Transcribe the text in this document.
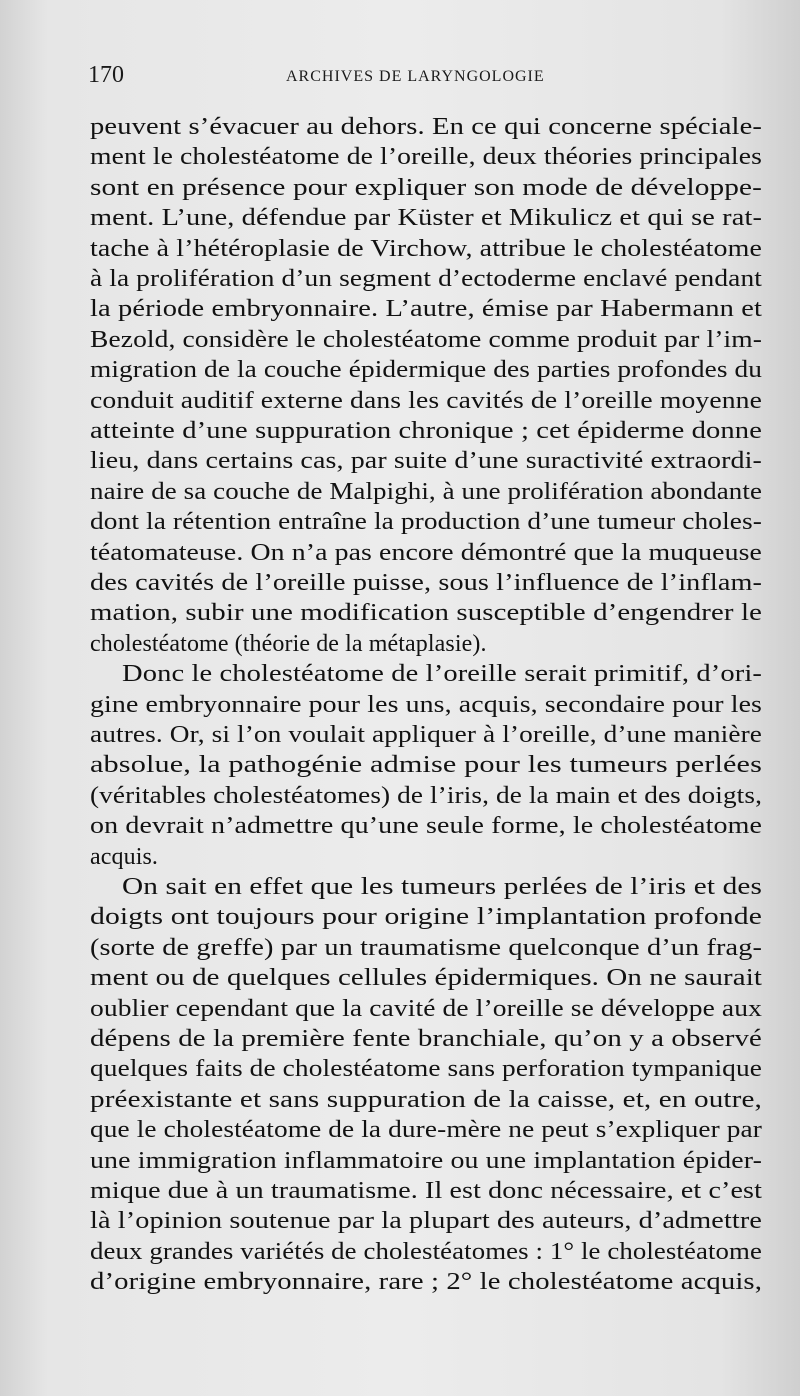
170	ARCHIVES DE LARYNGOLOGIE
peuvent s’évacuer au dehors. En ce qui concerne spéciale-
ment le cholestéatome de l’oreille, deux théories principales
sont en présence pour expliquer son mode de développe-
ment. L’une, défendue par Küster et Mikulicz et qui se rat-
tache à l’hétéroplasie de Virchow, attribue le cholestéatome
à la prolifération d’un segment d’ectoderme enclavé pendant
la période embryonnaire. L’autre, émise par Habermann et
Bezold, considère le cholestéatome comme produit par l’im-
migration de la couche épidermique des parties profondes du
conduit auditif externe dans les cavités de l’oreille moyenne
atteinte d’une suppuration chronique ; cet épiderme donne
lieu, dans certains cas, par suite d’une suractivité extraordi-
naire de sa couche de Malpighi, à une prolifération abondante
dont la rétention entraîne la production d’une tumeur choles-
téatomateuse. On n’a pas encore démontré que la muqueuse
des cavités de l’oreille puisse, sous l’influence de l’inflam-
mation, subir une modification susceptible d’engendrer le
cholestéatome (théorie de la métaplasie).
Donc le cholestéatome de l’oreille serait primitif, d’ori-
gine embryonnaire pour les uns, acquis, secondaire pour les
autres. Or, si l’on voulait appliquer à l’oreille, d’une manière
absolue, la pathogénie admise pour les tumeurs perlées
(véritables cholestéatomes) de l’iris, de la main et des doigts,
on devrait n’admettre qu’une seule forme, le cholestéatome
acquis.
On sait en effet que les tumeurs perlées de l’iris et des
doigts ont toujours pour origine l’implantation profonde
(sorte de greffe) par un traumatisme quelconque d’un frag-
ment ou de quelques cellules épidermiques. On ne saurait
oublier cependant que la cavité de l’oreille se développe aux
dépens de la première fente branchiale, qu’on y a observé
quelques faits de cholestéatome sans perforation tympanique
préexistante et sans suppuration de la caisse, et, en outre,
que le cholestéatome de la dure-mère ne peut s’expliquer par
une immigration inflammatoire ou une implantation épider-
mique due à un traumatisme. Il est donc nécessaire, et c’est
là l’opinion soutenue par la plupart des auteurs, d’admettre
deux grandes variétés de cholestéatomes : 1° le cholestéatome
d’origine embryonnaire, rare ; 2° le cholestéatome acquis,
